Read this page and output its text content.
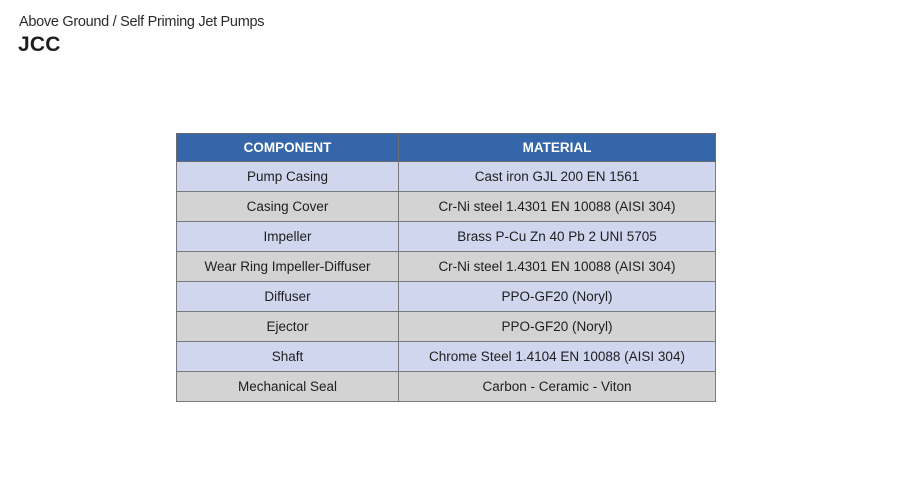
Above Ground / Self Priming Jet Pumps
JCC
COMPONENT	MATERIAL
Pump Casing	Cast iron GJL 200 EN 1561
Casing Cover	Cr-Ni steel 1.4301 EN 10088 (AISI 304)
Impeller	Brass P-Cu Zn 40 Pb 2 UNI 5705
Wear Ring Impeller-Diffuser	Cr-Ni steel 1.4301 EN 10088 (AISI 304)
Diffuser	PPO-GF20 (Noryl)
Ejector	PPO-GF20 (Noryl)
Shaft	Chrome Steel 1.4104 EN 10088 (AISI 304)
Mechanical Seal	Carbon - Ceramic - Viton
